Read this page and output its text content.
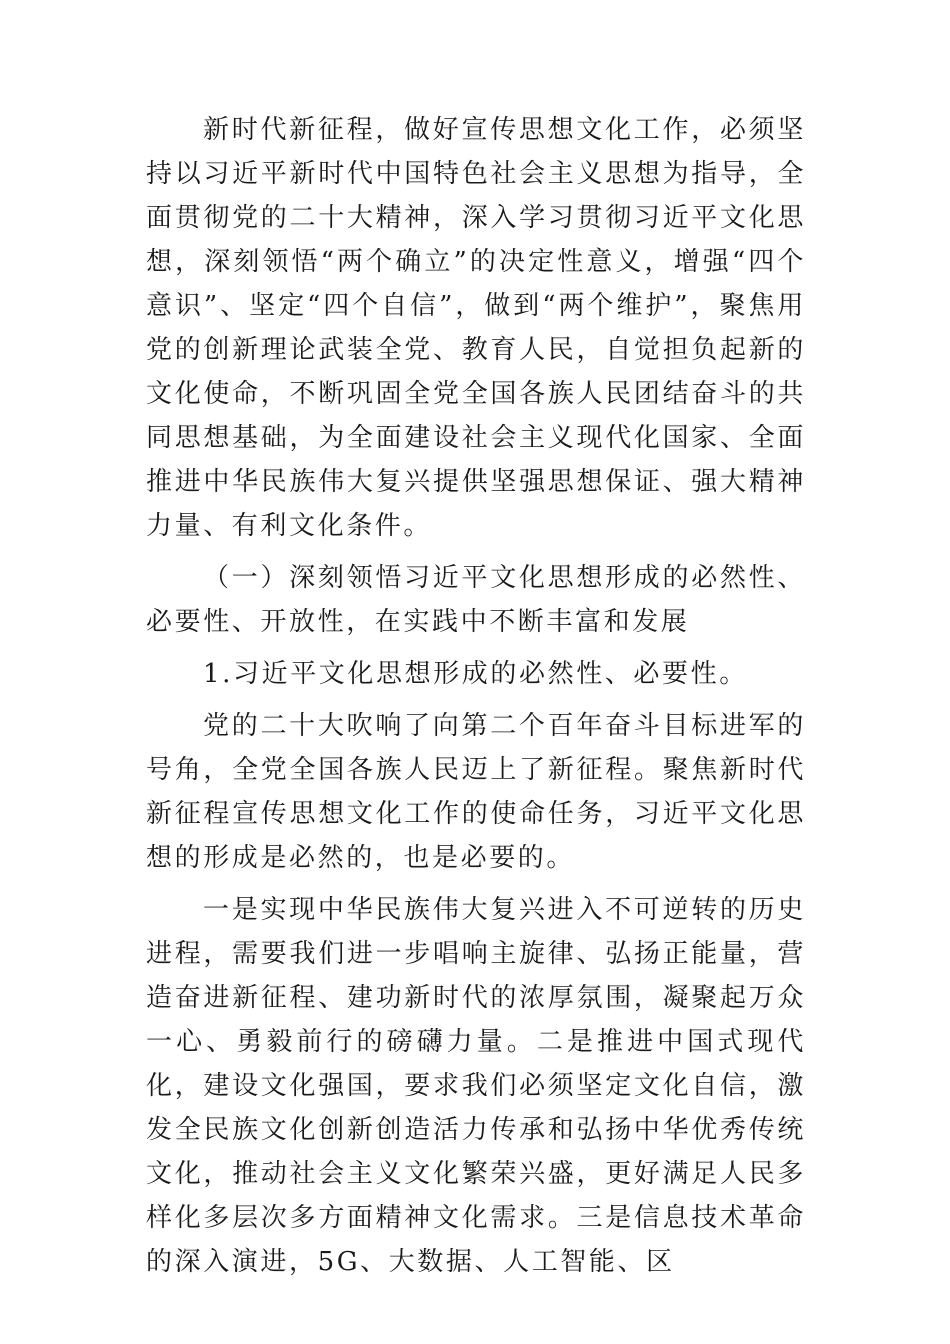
新时代新征程，做好宣传思想文化工作，必须坚持以习近平新时代中国特色社会主义思想为指导，全面贯彻党的二十大精神，深入学习贯彻习近平文化思想，深刻领悟“两个确立”的决定性意义，增强“四个意识”、坚定“四个自信”，做到“两个维护”，聚焦用党的创新理论武装全党、教育人民，自觉担负起新的文化使命，不断巩固全党全国各族人民团结奋斗的共同思想基础，为全面建设社会主义现代化国家、全面推进中华民族伟大复兴提供坚强思想保证、强大精神力量、有利文化条件。

（一）深刻领悟习近平文化思想形成的必然性、必要性、开放性，在实践中不断丰富和发展

1.习近平文化思想形成的必然性、必要性。

党的二十大吹响了向第二个百年奋斗目标进军的号角，全党全国各族人民迈上了新征程。聚焦新时代新征程宣传思想文化工作的使命任务，习近平文化思想的形成是必然的，也是必要的。

一是实现中华民族伟大复兴进入不可逆转的历史进程，需要我们进一步唱响主旋律、弘扬正能量，营造奋进新征程、建功新时代的浓厚氛围，凝聚起万众一心、勇毅前行的磅礴力量。二是推进中国式现代化，建设文化强国，要求我们必须坚定文化自信，激发全民族文化创新创造活力传承和弘扬中华优秀传统文化，推动社会主义文化繁荣兴盛，更好满足人民多样化多层次多方面精神文化需求。三是信息技术革命的深入演进，5G、大数据、人工智能、区
